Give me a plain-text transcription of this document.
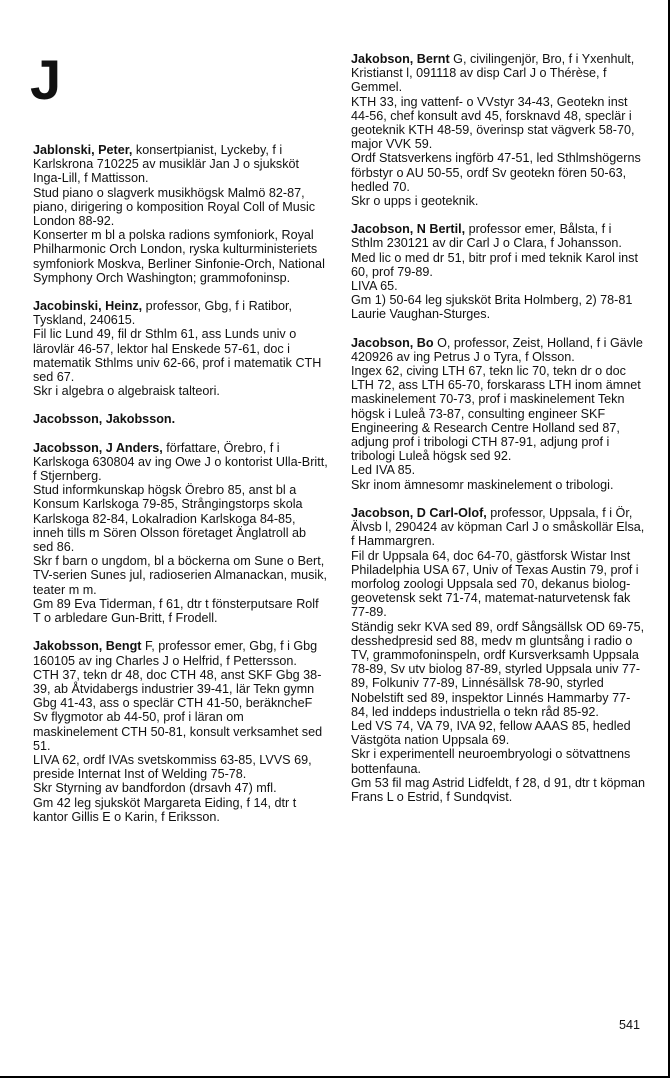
J

Jablonski, Peter, konsertpianist, Lyckeby, f i Karlskrona 710225 av musiklär Jan J o sjuksköt Inga-Lill, f Mattisson.

Stud piano o slagverk musikhögsk Malmö 82-87, piano, dirigering o komposition Royal Coll of Music London 88-92.

Konserter m bl a polska radions symfoniork, Royal Philharmonic Orch London, ryska kulturministeriets symfoniork Moskva, Berliner Sinfonie-Orch, National Symphony Orch Washington; grammofoninsp.

Jacobinski, Heinz, professor, Gbg, f i Ratibor, Tyskland, 240615.

Fil lic Lund 49, fil dr Sthlm 61, ass Lunds univ o lärovlär 46-57, lektor hal Enskede 57-61, doc i matematik Sthlms univ 62-66, prof i matematik CTH sed 67.

Skr i algebra o algebraisk talteori.

Jacobsson, Jakobsson.

Jacobsson, J Anders, författare, Örebro, f i Karlskoga 630804 av ing Owe J o kontorist Ulla-Britt, f Stjernberg.

Stud informkunskap högsk Örebro 85, anst bl a Konsum Karlskoga 79-85, Strångingstorps skola Karlskoga 82-84, Lokalradion Karlskoga 84-85, inneh tills m Sören Olsson företaget Änglatroll ab sed 86.

Skr f barn o ungdom, bl a böckerna om Sune o Bert, TV-serien Sunes jul, radioserien Almanackan, musik, teater m m.

Gm 89 Eva Tiderman, f 61, dtr t fönsterputsare Rolf T o arbledare Gun-Britt, f Frodell.

Jakobsson, Bengt F, professor emer, Gbg, f i Gbg 160105 av ing Charles J o Helfrid, f Pettersson.

CTH 37, tekn dr 48, doc CTH 48, anst SKF Gbg 38-39, ab Åtvidabergs industrier 39-41, lär Tekn gymn Gbg 41-43, ass o speclär CTH 41-50, beräkncheF Sv flygmotor ab 44-50, prof i läran om maskinelement CTH 50-81, konsult verksamhet sed 51.

LIVA 62, ordf IVAs svetskommiss 63-85, LVVS 69, preside Internat Inst of Welding 75-78.

Skr Styrning av bandfordon (drsavh 47) mfl.

Gm 42 leg sjuksköt Margareta Eiding, f 14, dtr t kantor Gillis E o Karin, f Eriksson.

Jakobson, Bernt G, civilingenjör, Bro, f i Yxenhult, Kristianst l, 091118 av disp Carl J o Thérèse, f Gemmel.

KTH 33, ing vattenf- o VVstyr 34-43, Geotekn inst 44-56, chef konsult avd 45, forsknavd 48, speclär i geoteknik KTH 48-59, överinsp stat vägverk 58-70, major VVK 59.

Ordf Statsverkens ingförb 47-51, led Sthlmshögerns förbstyr o AU 50-55, ordf Sv geotekn fören 50-63, hedled 70.

Skr o upps i geoteknik.

Jacobson, N Bertil, professor emer, Bålsta, f i Sthlm 230121 av dir Carl J o Clara, f Johansson.

Med lic o med dr 51, bitr prof i med teknik Karol inst 60, prof 79-89.

LIVA 65.

Gm 1) 50-64 leg sjuksköt Brita Holmberg, 2) 78-81 Laurie Vaughan-Sturges.

Jacobson, Bo O, professor, Zeist, Holland, f i Gävle 420926 av ing Petrus J o Tyra, f Olsson.

Ingex 62, civing LTH 67, tekn lic 70, tekn dr o doc LTH 72, ass LTH 65-70, forskarass LTH inom ämnet maskinelement 70-73, prof i maskinelement Tekn högsk i Luleå 73-87, consulting engineer SKF Engineering & Research Centre Holland sed 87, adjung prof i tribologi CTH 87-91, adjung prof i tribologi Luleå högsk sed 92.

Led IVA 85.

Skr inom ämnesomr maskinelement o tribologi.

Jacobson, D Carl-Olof, professor, Uppsala, f i Ör, Älvsb l, 290424 av köpman Carl J o småskollär Elsa, f Hammargren.

Fil dr Uppsala 64, doc 64-70, gästforsk Wistar Inst Philadelphia USA 67, Univ of Texas Austin 79, prof i morfolog zoologi Uppsala sed 70, dekanus biolog-geovetensk sekt 71-74, matemat-naturvetensk fak 77-89.

Ständig sekr KVA sed 89, ordf Sångsällsk OD 69-75, desshedpresid sed 88, medv m gluntsång i radio o TV, grammofoninspeln, ordf Kursverksamh Uppsala 78-89, Sv utv biolog 87-89, styrled Uppsala univ 77-89, Folkuniv 77-89, Linnésällsk 78-90, styrled Nobelstift sed 89, inspektor Linnés Hammarby 77-84, led inddeps industriella o tekn råd 85-92.

Led VS 74, VA 79, IVA 92, fellow AAAS 85, hedled Västgöta nation Uppsala 69.

Skr i experimentell neuroembryologi o sötvattnens bottenfauna.

Gm 53 fil mag Astrid Lidfeldt, f 28, d 91, dtr t köpman Frans L o Estrid, f Sundqvist.

541
